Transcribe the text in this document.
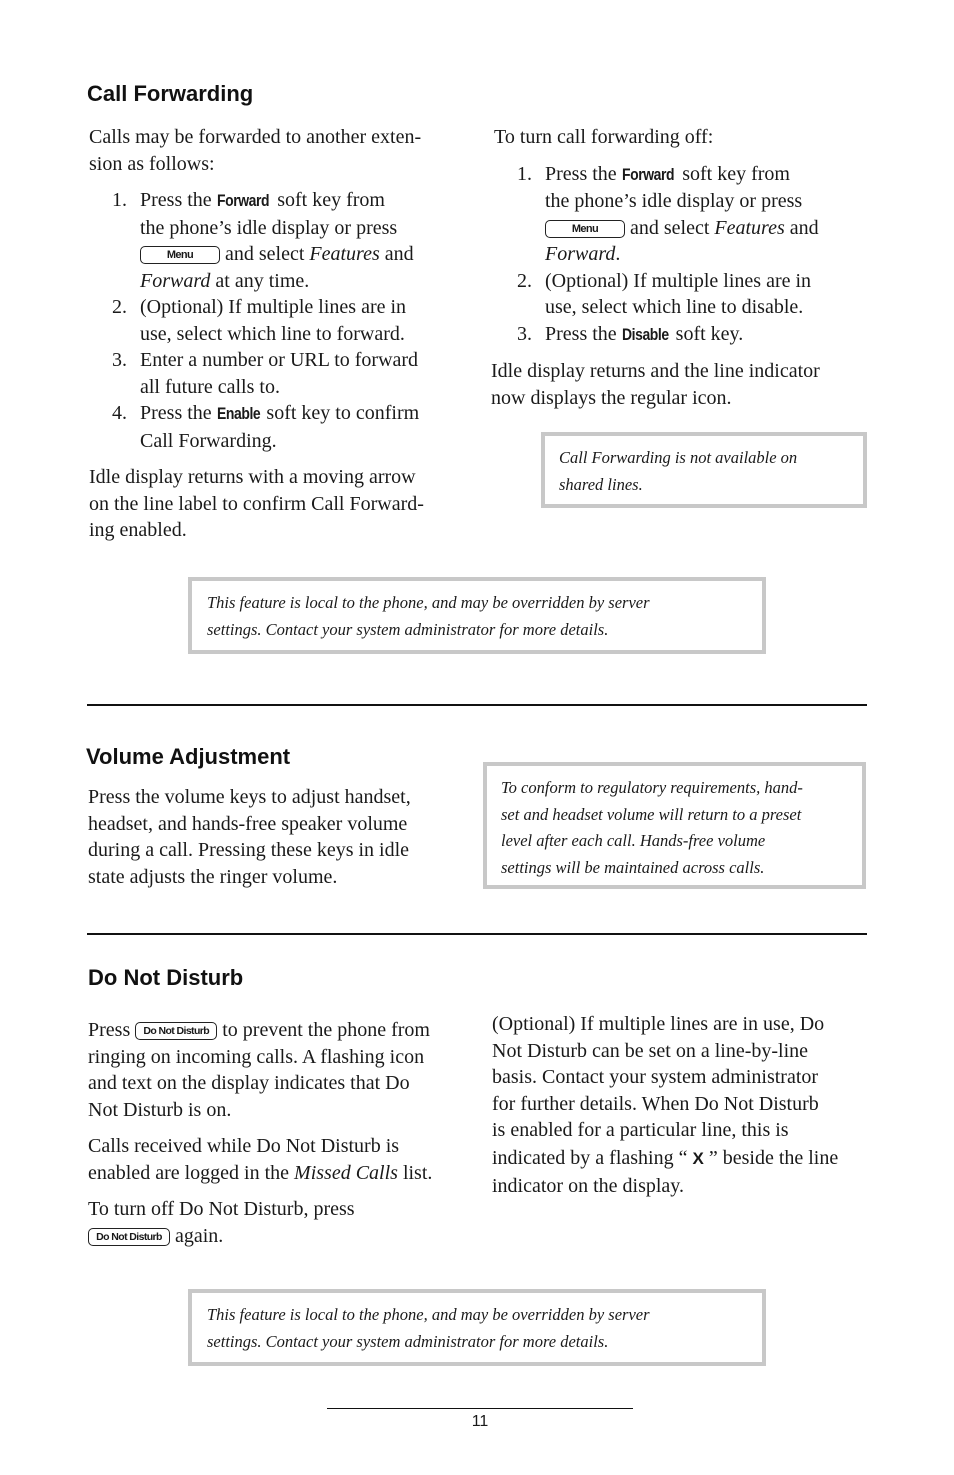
Call Forwarding

Calls may be forwarded to another exten-

sion as follows:

1. Press the Forward soft key from
the phone’s idle display or press
Menu and select Features and
Forward at any time.
2. (Optional) If multiple lines are in
use, select which line to forward.
3. Enter a number or URL to forward
all future calls to.
4. Press the Enable soft key to confirm
Call Forwarding.

Idle display returns with a moving arrow

on the line label to confirm Call Forward-

ing enabled.

To turn call forwarding off:

1. Press the Forward soft key from
the phone’s idle display or press
Menu and select Features and
Forward.
2. (Optional) If multiple lines are in
use, select which line to disable.
3. Press the Disable soft key.

Idle display returns and the line indicator

now displays the regular icon.

Call Forwarding is not available on
shared lines.
This feature is local to the phone, and may be overridden by server
settings. Contact your system administrator for more details.
Volume Adjustment

Press the volume keys to adjust handset,

headset, and hands-free speaker volume

during a call. Pressing these keys in idle

state adjusts the ringer volume.

To conform to regulatory requirements, hand-
set and headset volume will return to a preset
level after each call. Hands-free volume
settings will be maintained across calls.
Do Not Disturb

Press Do Not Disturb to prevent the phone from
ringing on incoming calls. A flashing icon
and text on the display indicates that Do
Not Disturb is on.

Calls received while Do Not Disturb is
enabled are logged in the Missed Calls list.

To turn off Do Not Disturb, press
Do Not Disturb again.

(Optional) If multiple lines are in use, Do

Not Disturb can be set on a line-by-line

basis. Contact your system administrator

for further details. When Do Not Disturb

is enabled for a particular line, this is

indicated by a flashing “ X ” beside the line

indicator on the display.

This feature is local to the phone, and may be overridden by server
settings. Contact your system administrator for more details.
11
